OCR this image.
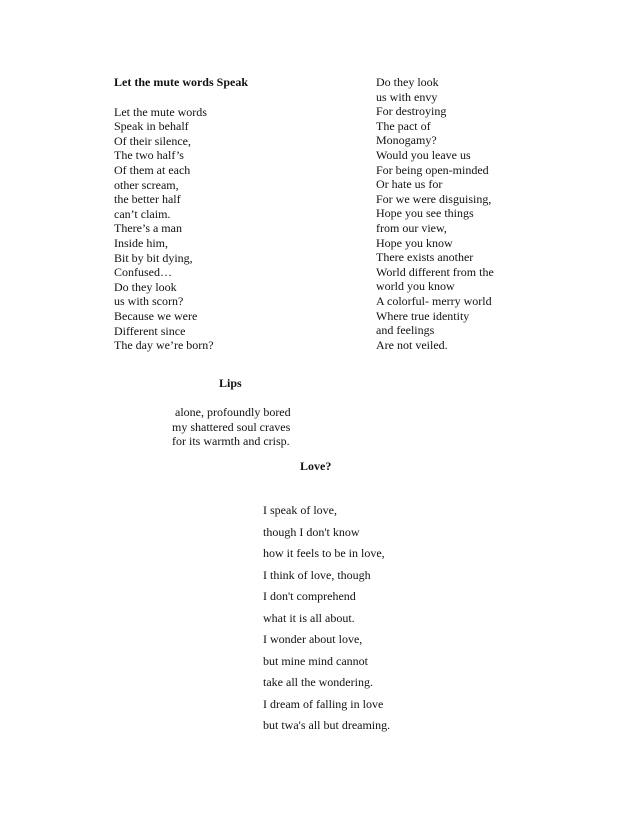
Let the mute words Speak

Let the mute words

Speak in behalf

Of their silence,

The two half’s

Of them at each

other scream,

the better half

can’t claim.

There’s a man

Inside him,

Bit by bit dying,

Confused…

Do they look

us with scorn?

Because we were

Different since

The day we’re born?

Do they look

us with envy

For destroying

The pact of

Monogamy?

Would you leave us

For being open-minded

Or hate us for

For we were disguising,

Hope you see things

from our view,

Hope you know

There exists another

World different from the

world you know

A colorful- merry world

Where true identity

and feelings

Are not veiled.

Lips

alone, profoundly bored

my shattered soul craves

for its warmth and crisp.

Love?

I speak of love,

though I don't know

how it feels to be in love,

I think of love, though

I don't comprehend

what it is all about.

I wonder about love,

but mine mind cannot

take all the wondering.

I dream of falling in love

but twa's all but dreaming.
